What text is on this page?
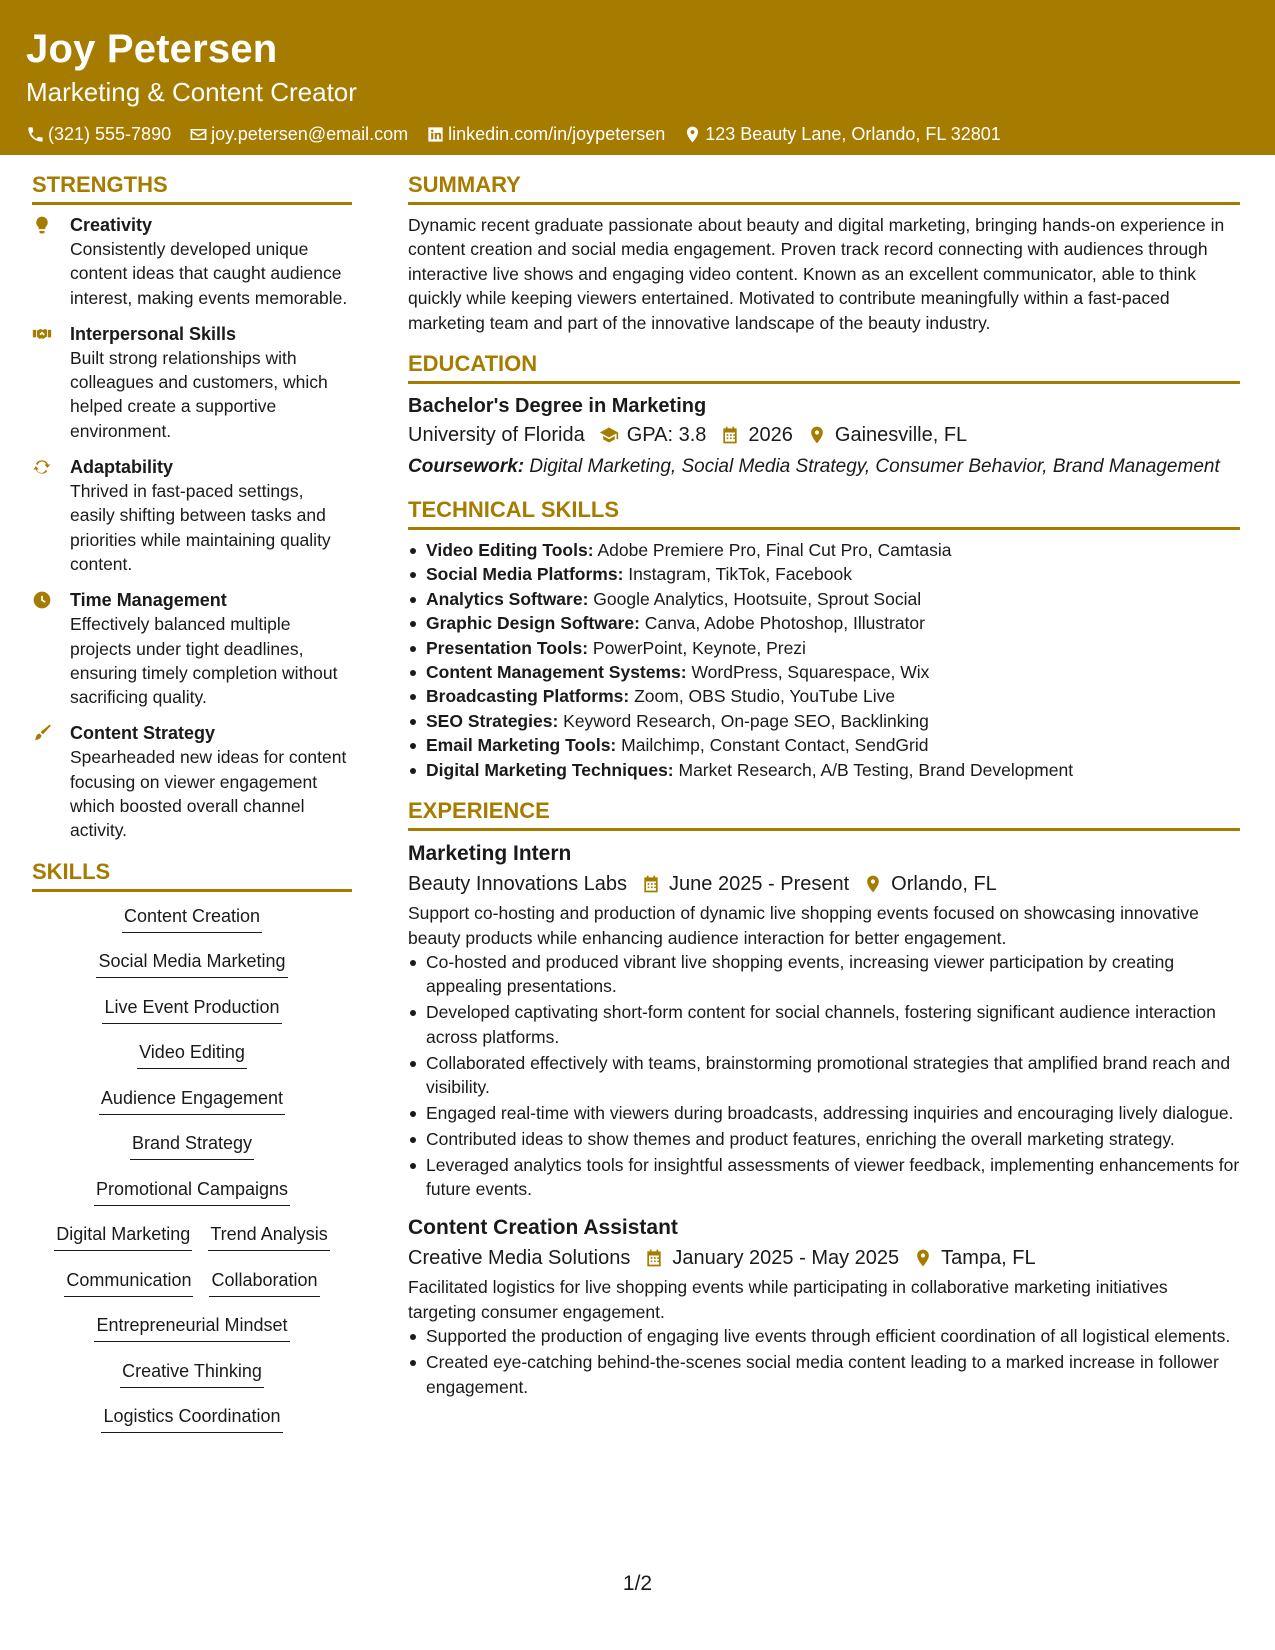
Joy Petersen
Marketing & Content Creator
(321) 555-7890 joy.petersen@email.com linkedin.com/in/joypetersen 123 Beauty Lane, Orlando, FL 32801
STRENGTHS
Creativity
Consistently developed unique content ideas that caught audience interest, making events memorable.
Interpersonal Skills
Built strong relationships with colleagues and customers, which helped create a supportive environment.
Adaptability
Thrived in fast-paced settings, easily shifting between tasks and priorities while maintaining quality content.
Time Management
Effectively balanced multiple projects under tight deadlines, ensuring timely completion without sacrificing quality.
Content Strategy
Spearheaded new ideas for content focusing on viewer engagement which boosted overall channel activity.
SKILLS
Content Creation
Social Media Marketing
Live Event Production
Video Editing
Audience Engagement
Brand Strategy
Promotional Campaigns
Digital Marketing Trend Analysis
Communication Collaboration
Entrepreneurial Mindset
Creative Thinking
Logistics Coordination
SUMMARY
Dynamic recent graduate passionate about beauty and digital marketing, bringing hands-on experience in content creation and social media engagement. Proven track record connecting with audiences through interactive live shows and engaging video content. Known as an excellent communicator, able to think quickly while keeping viewers entertained. Motivated to contribute meaningfully within a fast-paced marketing team and part of the innovative landscape of the beauty industry.
EDUCATION
Bachelor's Degree in Marketing
University of Florida GPA: 3.8 2026 Gainesville, FL
Coursework: Digital Marketing, Social Media Strategy, Consumer Behavior, Brand Management
TECHNICAL SKILLS
Video Editing Tools: Adobe Premiere Pro, Final Cut Pro, Camtasia
Social Media Platforms: Instagram, TikTok, Facebook
Analytics Software: Google Analytics, Hootsuite, Sprout Social
Graphic Design Software: Canva, Adobe Photoshop, Illustrator
Presentation Tools: PowerPoint, Keynote, Prezi
Content Management Systems: WordPress, Squarespace, Wix
Broadcasting Platforms: Zoom, OBS Studio, YouTube Live
SEO Strategies: Keyword Research, On-page SEO, Backlinking
Email Marketing Tools: Mailchimp, Constant Contact, SendGrid
Digital Marketing Techniques: Market Research, A/B Testing, Brand Development
EXPERIENCE
Marketing Intern
Beauty Innovations Labs June 2025 - Present Orlando, FL
Support co-hosting and production of dynamic live shopping events focused on showcasing innovative beauty products while enhancing audience interaction for better engagement.
Co-hosted and produced vibrant live shopping events, increasing viewer participation by creating appealing presentations.
Developed captivating short-form content for social channels, fostering significant audience interaction across platforms.
Collaborated effectively with teams, brainstorming promotional strategies that amplified brand reach and visibility.
Engaged real-time with viewers during broadcasts, addressing inquiries and encouraging lively dialogue.
Contributed ideas to show themes and product features, enriching the overall marketing strategy.
Leveraged analytics tools for insightful assessments of viewer feedback, implementing enhancements for future events.
Content Creation Assistant
Creative Media Solutions January 2025 - May 2025 Tampa, FL
Facilitated logistics for live shopping events while participating in collaborative marketing initiatives targeting consumer engagement.
Supported the production of engaging live events through efficient coordination of all logistical elements.
Created eye-catching behind-the-scenes social media content leading to a marked increase in follower engagement.
1/2
